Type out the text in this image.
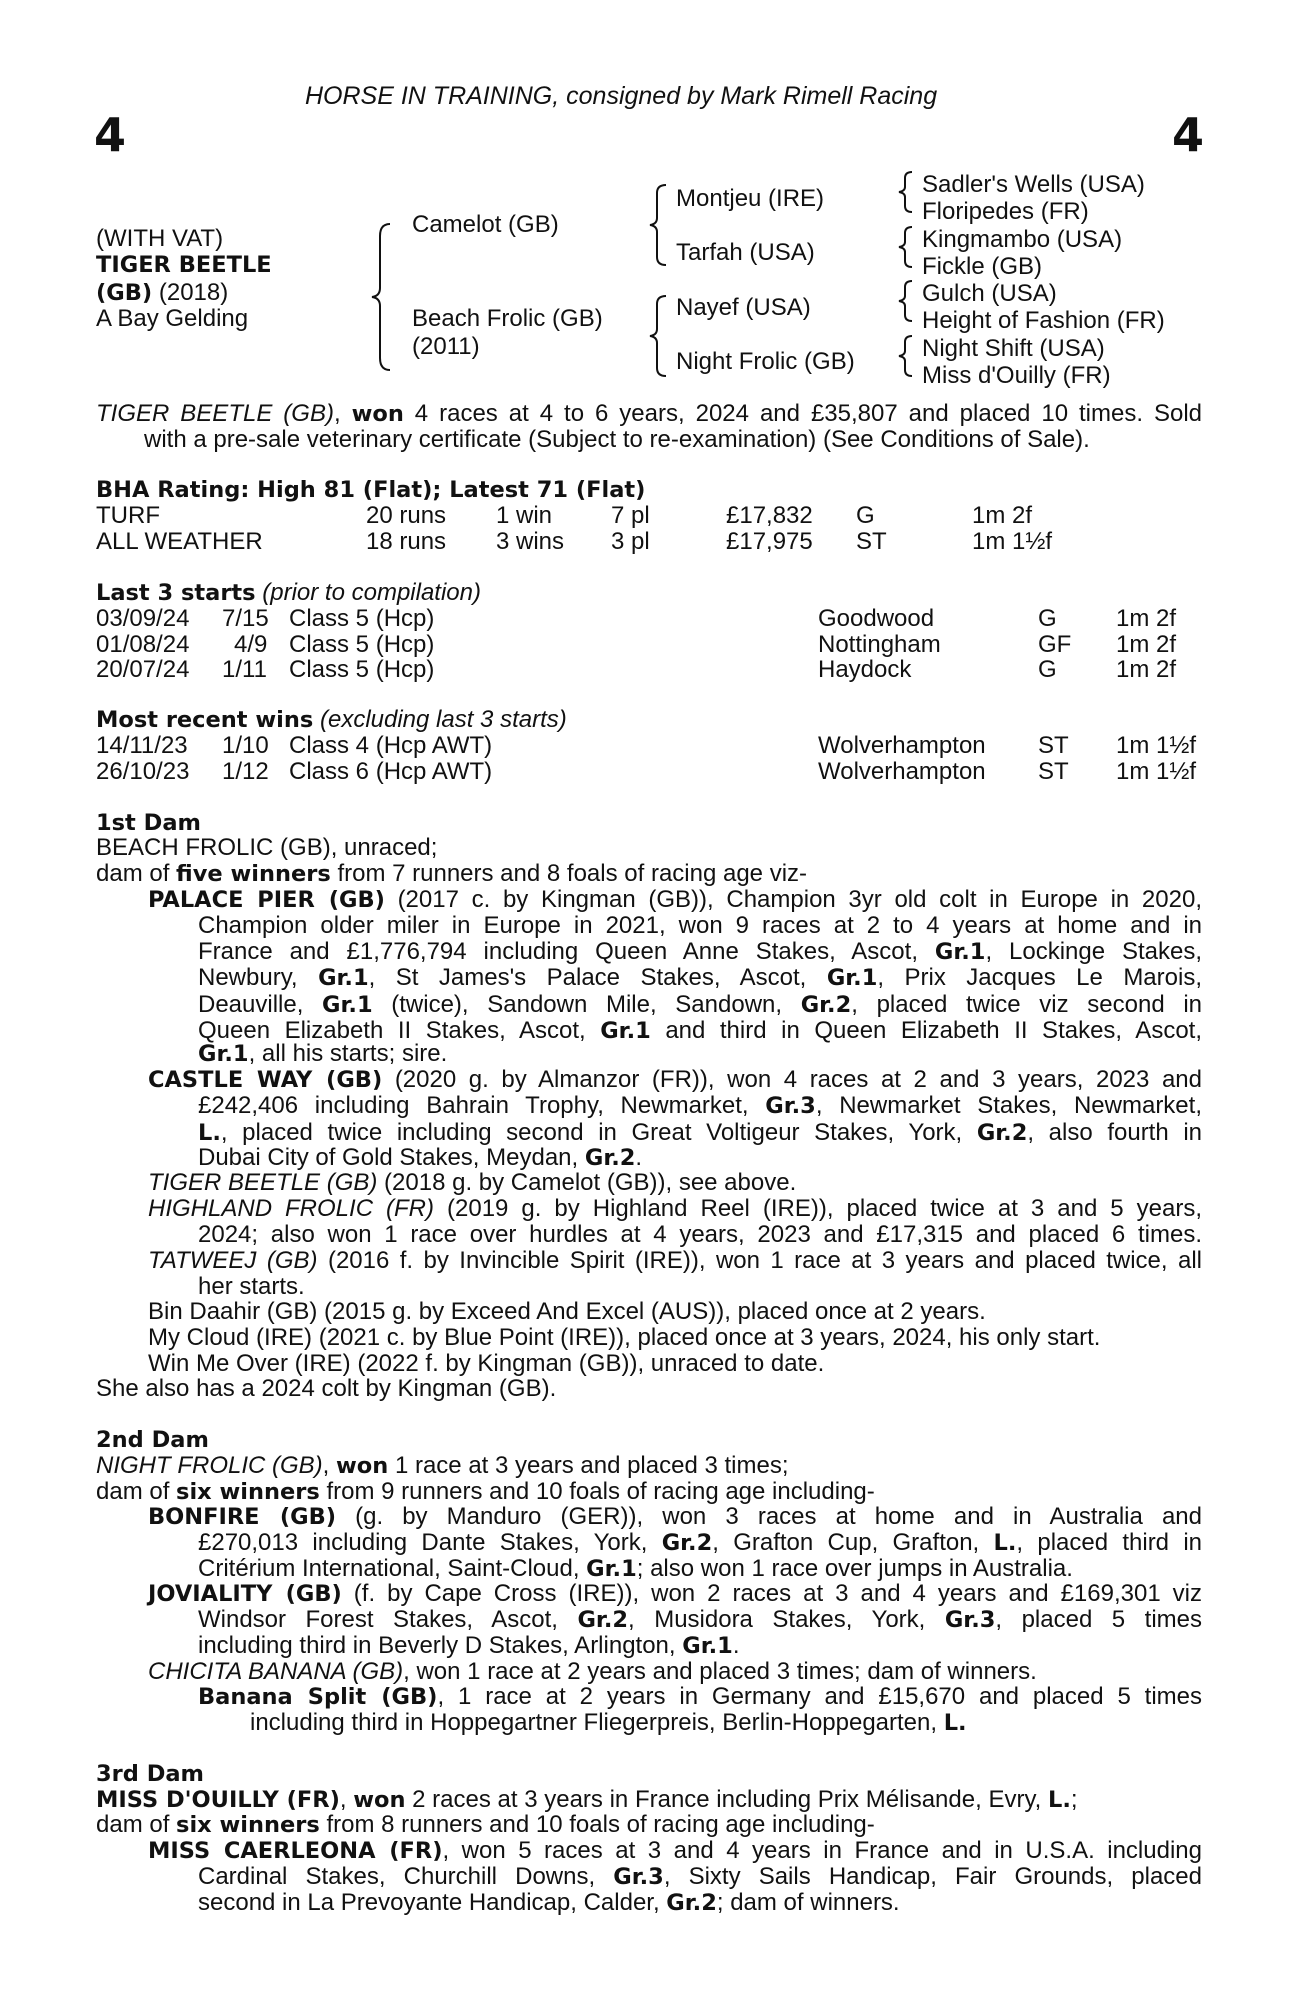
HORSE IN TRAINING, consigned by Mark Rimell Racing
4	4
(WITH VAT)
TIGER BEETLE
(GB) (2018)
A Bay Gelding
Camelot (GB)
Beach Frolic (GB)
(2011)
Montjeu (IRE)
Tarfah (USA)
Nayef (USA)
Night Frolic (GB)
Sadler's Wells (USA)
Floripedes (FR)
Kingmambo (USA)
Fickle (GB)
Gulch (USA)
Height of Fashion (FR)
Night Shift (USA)
Miss d'Ouilly (FR)
TIGER BEETLE (GB), won 4 races at 4 to 6 years, 2024 and £35,807 and placed 10 times. Sold
with a pre-sale veterinary certificate (Subject to re-examination) (See Conditions of Sale).
BHA Rating: High 81 (Flat); Latest 71 (Flat)
TURF	20 runs 1 win 7 pl	£17,832 G	1m 2f
ALL WEATHER	18 runs 3 wins 3 pl	£17,975 ST	1m 1½f
Last 3 starts (prior to compilation)
03/09/24 7/15 Class 5 (Hcp)	Goodwood	G 1m 2f
01/08/24 4/9 Class 5 (Hcp)	Nottingham	GF 1m 2f
20/07/24 1/11 Class 5 (Hcp)	Haydock	G 1m 2f
Most recent wins (excluding last 3 starts)
14/11/23 1/10 Class 4 (Hcp AWT)	Wolverhampton ST 1m 1½f
26/10/23 1/12 Class 6 (Hcp AWT)	Wolverhampton ST 1m 1½f
1st Dam
BEACH FROLIC (GB), unraced;
dam of five winners from 7 runners and 8 foals of racing age viz-
PALACE PIER (GB) (2017 c. by Kingman (GB)), Champion 3yr old colt in Europe in 2020,
Champion older miler in Europe in 2021, won 9 races at 2 to 4 years at home and in
France and £1,776,794 including Queen Anne Stakes, Ascot, Gr.1, Lockinge Stakes,
Newbury, Gr.1, St James's Palace Stakes, Ascot, Gr.1, Prix Jacques Le Marois,
Deauville, Gr.1 (twice), Sandown Mile, Sandown, Gr.2, placed twice viz second in
Queen Elizabeth II Stakes, Ascot, Gr.1 and third in Queen Elizabeth II Stakes, Ascot,
Gr.1, all his starts; sire.
CASTLE WAY (GB) (2020 g. by Almanzor (FR)), won 4 races at 2 and 3 years, 2023 and
£242,406 including Bahrain Trophy, Newmarket, Gr.3, Newmarket Stakes, Newmarket,
L., placed twice including second in Great Voltigeur Stakes, York, Gr.2, also fourth in
Dubai City of Gold Stakes, Meydan, Gr.2.
TIGER BEETLE (GB) (2018 g. by Camelot (GB)), see above.
HIGHLAND FROLIC (FR) (2019 g. by Highland Reel (IRE)), placed twice at 3 and 5 years,
2024; also won 1 race over hurdles at 4 years, 2023 and £17,315 and placed 6 times.
TATWEEJ (GB) (2016 f. by Invincible Spirit (IRE)), won 1 race at 3 years and placed twice, all
her starts.
Bin Daahir (GB) (2015 g. by Exceed And Excel (AUS)), placed once at 2 years.
My Cloud (IRE) (2021 c. by Blue Point (IRE)), placed once at 3 years, 2024, his only start.
Win Me Over (IRE) (2022 f. by Kingman (GB)), unraced to date.
She also has a 2024 colt by Kingman (GB).
2nd Dam
NIGHT FROLIC (GB), won 1 race at 3 years and placed 3 times;
dam of six winners from 9 runners and 10 foals of racing age including-
BONFIRE (GB) (g. by Manduro (GER)), won 3 races at home and in Australia and
£270,013 including Dante Stakes, York, Gr.2, Grafton Cup, Grafton, L., placed third in
Critérium International, Saint-Cloud, Gr.1; also won 1 race over jumps in Australia.
JOVIALITY (GB) (f. by Cape Cross (IRE)), won 2 races at 3 and 4 years and £169,301 viz
Windsor Forest Stakes, Ascot, Gr.2, Musidora Stakes, York, Gr.3, placed 5 times
including third in Beverly D Stakes, Arlington, Gr.1.
CHICITA BANANA (GB), won 1 race at 2 years and placed 3 times; dam of winners.
Banana Split (GB), 1 race at 2 years in Germany and £15,670 and placed 5 times
including third in Hoppegartner Fliegerpreis, Berlin-Hoppegarten, L.
3rd Dam
MISS D'OUILLY (FR), won 2 races at 3 years in France including Prix Mélisande, Evry, L.;
dam of six winners from 8 runners and 10 foals of racing age including-
MISS CAERLEONA (FR), won 5 races at 3 and 4 years in France and in U.S.A. including
Cardinal Stakes, Churchill Downs, Gr.3, Sixty Sails Handicap, Fair Grounds, placed
second in La Prevoyante Handicap, Calder, Gr.2; dam of winners.
